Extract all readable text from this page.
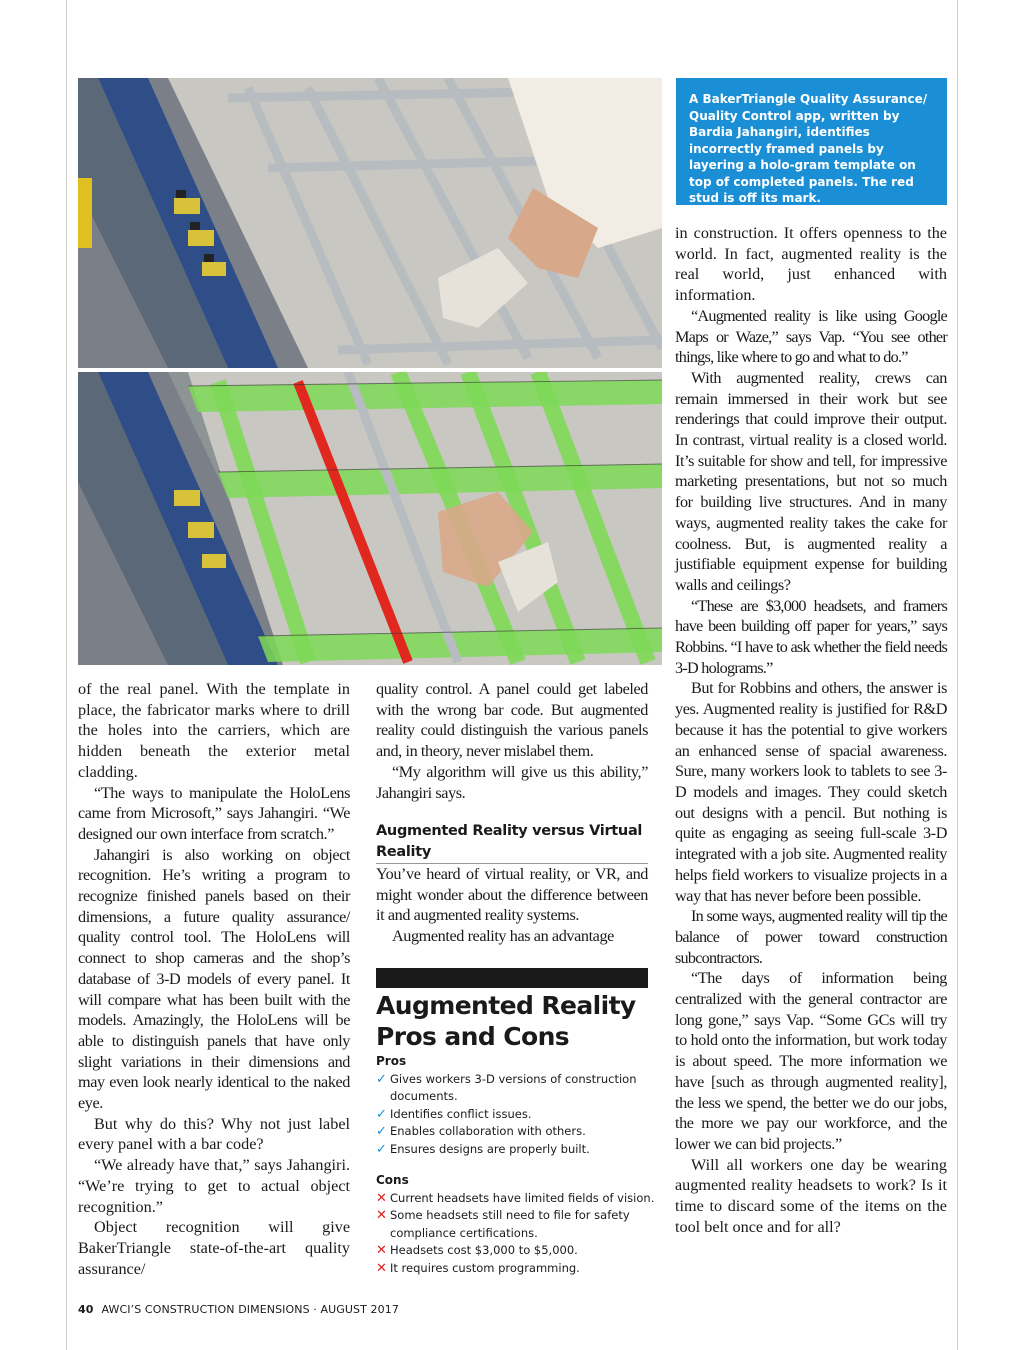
A BakerTriangle Quality Assurance/ Quality Control app, written by Bardia Jahangiri, identifies incorrectly framed panels by layering a holo-gram template on top of completed panels. The red stud is off its mark.

of the real panel. With the template in place, the fabricator marks where to drill the holes into the carriers, which are hidden beneath the exterior metal cladding.

“The ways to manipulate the HoloLens came from Microsoft,” says Jahangiri. “We designed our own interface from scratch.”

Jahangiri is also working on object recognition. He’s writing a program to recognize finished panels based on their dimensions, a future quality assurance/ quality control tool. The HoloLens will connect to shop cameras and the shop’s database of 3-D models of every panel. It will compare what has been built with the models. Amazingly, the HoloLens will be able to distinguish panels that have only slight variations in their dimensions and may even look nearly identical to the naked eye.

But why do this? Why not just label every panel with a bar code?

“We already have that,” says Jahangiri. “We’re trying to get to actual object recognition.”

Object recognition will give BakerTriangle state-of-the-art quality assurance/

quality control. A panel could get labeled with the wrong bar code. But augmented reality could distinguish the various panels and, in theory, never mislabel them.

“My algorithm will give us this ability,” Jahangiri says.

Augmented Reality versus Virtual Reality

You’ve heard of virtual reality, or VR, and might wonder about the difference between it and augmented reality systems.

Augmented reality has an advantage

Augmented Reality Pros and Cons
Pros
✓ Gives workers 3-D versions of construction documents.
✓ Identifies conflict issues.
✓ Enables collaboration with others.
✓ Ensures designs are properly built.
Cons
✕ Current headsets have limited fields of vision.
✕ Some headsets still need to file for safety compliance certifications.
✕ Headsets cost $3,000 to $5,000.
✕ It requires custom programming.

in construction. It offers openness to the world. In fact, augmented reality is the real world, just enhanced with information.

“Augmented reality is like using Google Maps or Waze,” says Vap. “You see other things, like where to go and what to do.”

With augmented reality, crews can remain immersed in their work but see renderings that could improve their output. In contrast, virtual reality is a closed world. It’s suitable for show and tell, for impressive marketing presentations, but not so much for building live structures. And in many ways, augmented reality takes the cake for coolness. But, is augmented reality a justifiable equipment expense for building walls and ceilings?

“These are $3,000 headsets, and framers have been building off paper for years,” says Robbins. “I have to ask whether the field needs 3-D holograms.”

But for Robbins and others, the answer is yes. Augmented reality is justified for R&D because it has the potential to give workers an enhanced sense of spacial awareness. Sure, many workers look to tablets to see 3-D models and images. They could sketch out designs with a pencil. But nothing is quite as engaging as seeing full-scale 3-D integrated with a job site. Augmented reality helps field workers to visualize projects in a way that has never before been possible.

In some ways, augmented reality will tip the balance of power toward construction subcontractors.

“The days of information being centralized with the general contractor are long gone,” says Vap. “Some GCs will try to hold onto the information, but work today is about speed. The more information we have [such as through augmented reality], the less we spend, the better we do our jobs, the more we pay our workforce, and the lower we can bid projects.”

Will all workers one day be wearing augmented reality headsets to work? Is it time to discard some of the items on the tool belt once and for all?

40 AWCI’S CONSTRUCTION DIMENSIONS · AUGUST 2017
